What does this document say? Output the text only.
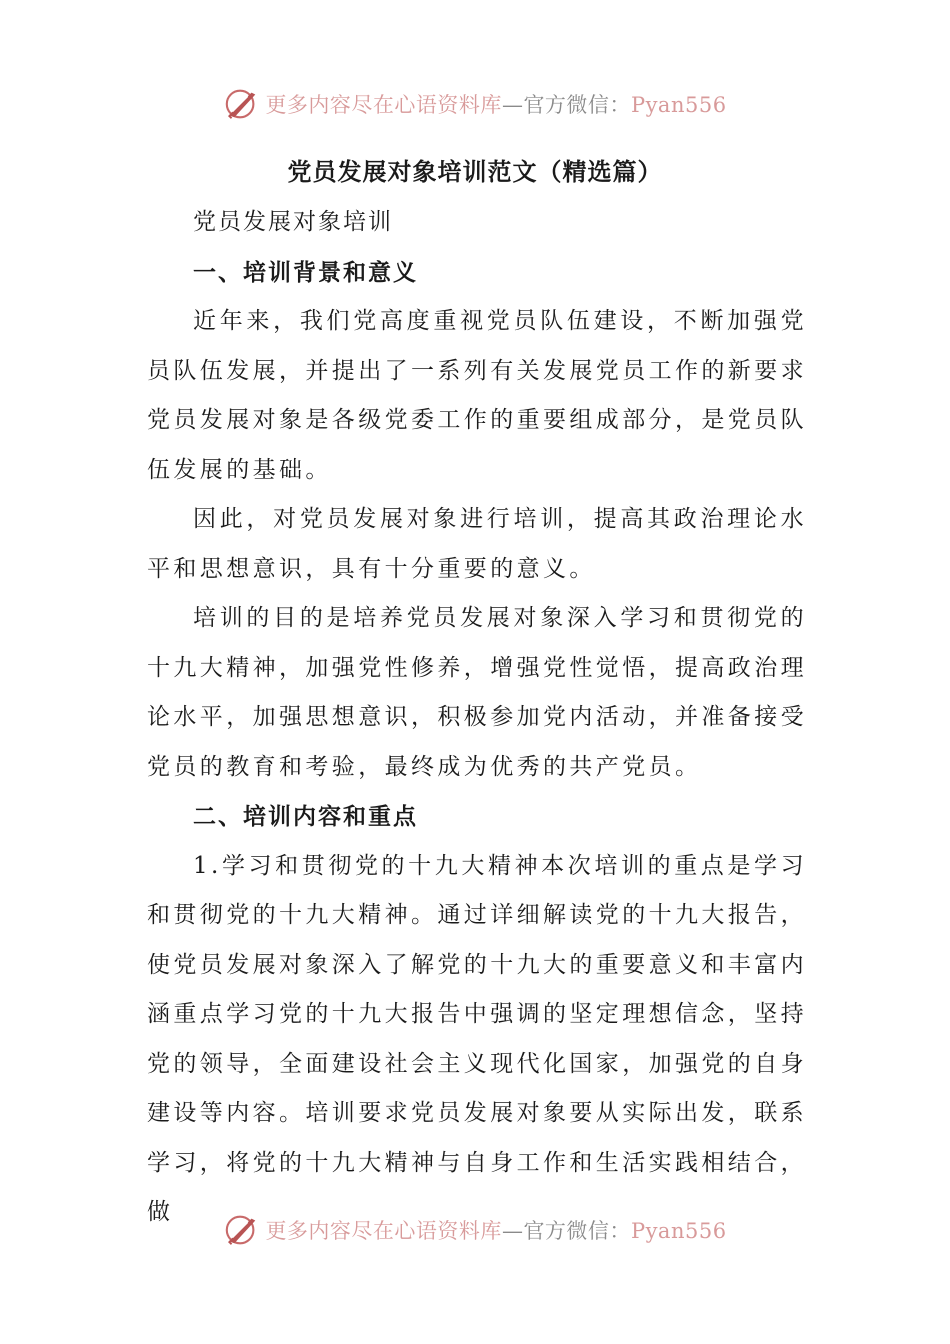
更多内容尽在心语资料库—官方微信：Pyan556
党员发展对象培训范文（精选篇）

党员发展对象培训

一、培训背景和意义

近年来，我们党高度重视党员队伍建设，不断加强党员队伍发展，并提出了一系列有关发展党员工作的新要求党员发展对象是各级党委工作的重要组成部分，是党员队伍发展的基础。

因此，对党员发展对象进行培训，提高其政治理论水平和思想意识，具有十分重要的意义。

培训的目的是培养党员发展对象深入学习和贯彻党的十九大精神，加强党性修养，增强党性觉悟，提高政治理论水平，加强思想意识，积极参加党内活动，并准备接受党员的教育和考验，最终成为优秀的共产党员。

二、培训内容和重点

1.学习和贯彻党的十九大精神本次培训的重点是学习和贯彻党的十九大精神。通过详细解读党的十九大报告，使党员发展对象深入了解党的十九大的重要意义和丰富内涵重点学习党的十九大报告中强调的坚定理想信念，坚持党的领导，全面建设社会主义现代化国家，加强党的自身建设等内容。培训要求党员发展对象要从实际出发，联系学习，将党的十九大精神与自身工作和生活实践相结合，做

更多内容尽在心语资料库—官方微信：Pyan556
